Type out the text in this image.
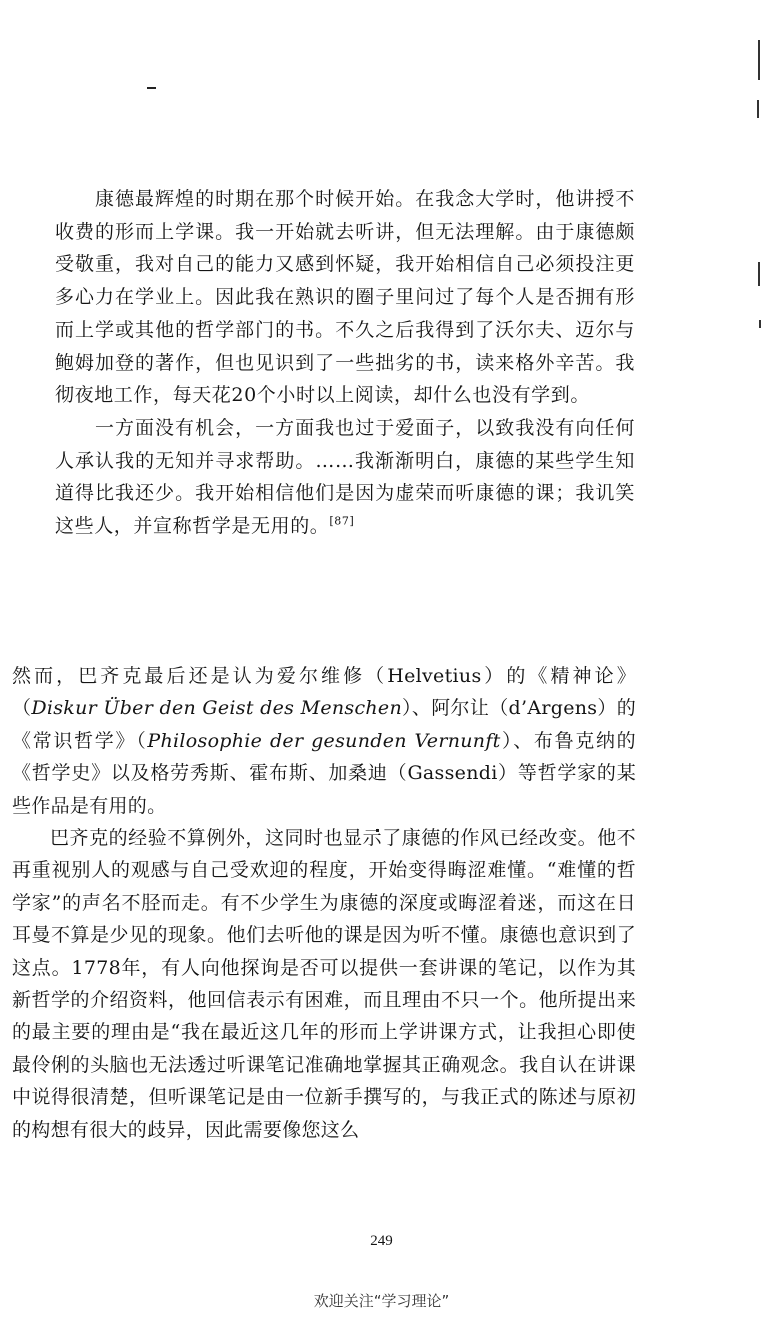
康德最辉煌的时期在那个时候开始。在我念大学时，他讲授不收费的形而上学课。我一开始就去听讲，但无法理解。由于康德颇受敬重，我对自己的能力又感到怀疑，我开始相信自己必须投注更多心力在学业上。因此我在熟识的圈子里问过了每个人是否拥有形而上学或其他的哲学部门的书。不久之后我得到了沃尔夫、迈尔与鲍姆加登的著作，但也见识到了一些拙劣的书，读来格外辛苦。我彻夜地工作，每天花20个小时以上阅读，却什么也没有学到。

一方面没有机会，一方面我也过于爱面子，以致我没有向任何人承认我的无知并寻求帮助。……我渐渐明白，康德的某些学生知道得比我还少。我开始相信他们是因为虚荣而听康德的课；我讥笑这些人，并宣称哲学是无用的。[87]

然而，巴齐克最后还是认为爱尔维修（Helvetius）的《精神论》（Diskur Über den Geist des Menschen）、阿尔让（d’Argens）的《常识哲学》（Philosophie der gesunden Vernunft）、布鲁克纳的《哲学史》以及格劳秀斯、霍布斯、加桑迪（Gassendi）等哲学家的某些作品是有用的。

巴齐克的经验不算例外，这同时也显示了康德的作风已经改变。他不再重视别人的观感与自己受欢迎的程度，开始变得晦涩难懂。“难懂的哲学家”的声名不胫而走。有不少学生为康德的深度或晦涩着迷，而这在日耳曼不算是少见的现象。他们去听他的课是因为听不懂。康德也意识到了这点。1778年，有人向他探询是否可以提供一套讲课的笔记，以作为其新哲学的介绍资料，他回信表示有困难，而且理由不只一个。他所提出来的最主要的理由是“我在最近这几年的形而上学讲课方式，让我担心即使最伶俐的头脑也无法透过听课笔记准确地掌握其正确观念。我自认在讲课中说得很清楚，但听课笔记是由一位新手撰写的，与我正式的陈述与原初的构想有很大的歧异，因此需要像您这么

249
欢迎关注“学习理论”
